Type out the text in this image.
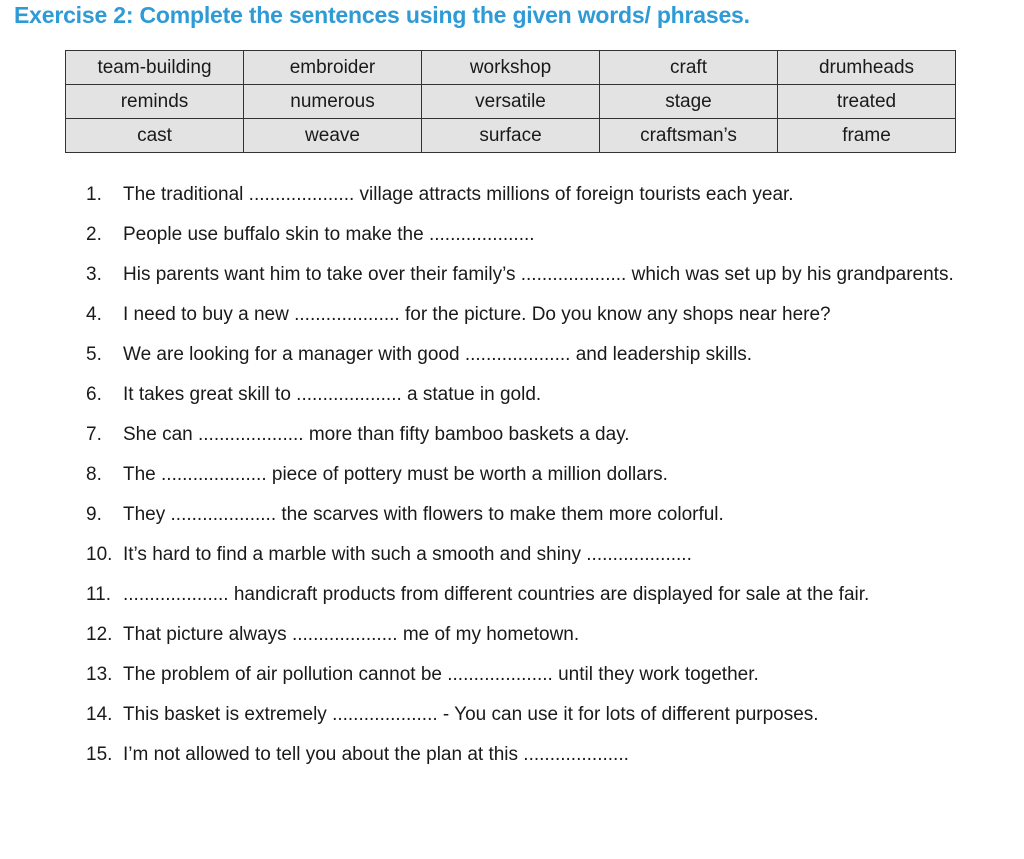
Exercise 2: Complete the sentences using the given words/ phrases.
team-building	embroider	workshop	craft	drumheads
reminds	numerous	versatile	stage	treated
cast	weave	surface	craftsman’s	frame
1. The traditional .................... village attracts millions of foreign tourists each year.
2. People use buffalo skin to make the ....................
3. His parents want him to take over their family’s .................... which was set up by his grandparents.
4. I need to buy a new .................... for the picture. Do you know any shops near here?
5. We are looking for a manager with good .................... and leadership skills.
6. It takes great skill to .................... a statue in gold.
7. She can .................... more than fifty bamboo baskets a day.
8. The .................... piece of pottery must be worth a million dollars.
9. They .................... the scarves with flowers to make them more colorful.
10. It’s hard to find a marble with such a smooth and shiny ....................
11. .................... handicraft products from different countries are displayed for sale at the fair.
12. That picture always .................... me of my hometown.
13. The problem of air pollution cannot be .................... until they work together.
14. This basket is extremely .................... - You can use it for lots of different purposes.
15. I’m not allowed to tell you about the plan at this ....................
